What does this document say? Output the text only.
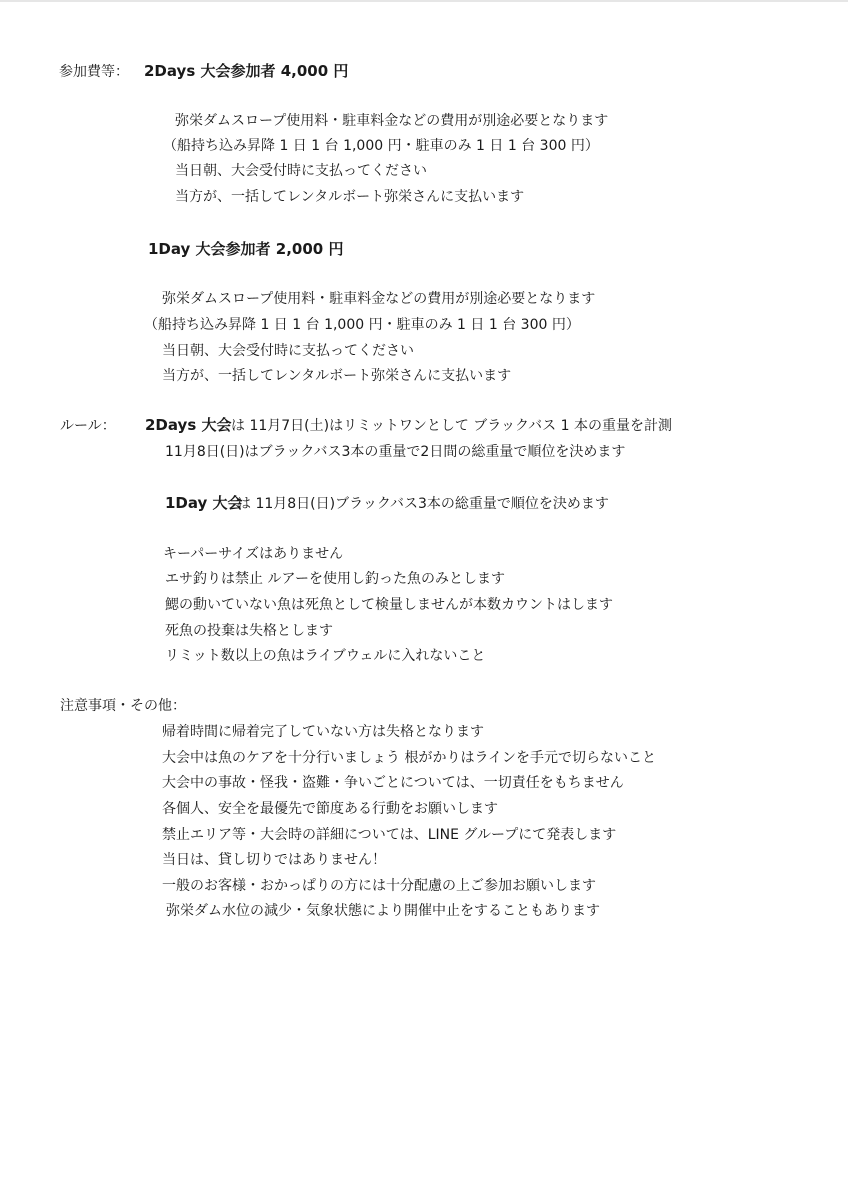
参加費等： 2Days 大会参加者 4,000 円
弥栄ダムスロープ使用料・駐車料金などの費用が別途必要となります
（船持ち込み昇降 1 日 1 台 1,000 円・駐車のみ 1 日 1 台 300 円）
当日朝、大会受付時に支払ってください
当方が、一括してレンタルボート弥栄さんに支払います
1Day 大会参加者 2,000 円
弥栄ダムスロープ使用料・駐車料金などの費用が別途必要となります
（船持ち込み昇降 1 日 1 台 1,000 円・駐車のみ 1 日 1 台 300 円）
当日朝、大会受付時に支払ってください
当方が、一括してレンタルボート弥栄さんに支払います
ルール： 2Days 大会 は 11月7日(土)はリミットワンとして ブラックバス 1 本の重量を計測
11月8日(日)はブラックバス3本の重量で2日間の総重量で順位を決めます
1Day 大会
は 11月8日(日)ブラックバス3本の総重量で順位を決めます
キーパーサイズはありません
エサ釣りは禁止 ルアーを使用し釣った魚のみとします
鰓の動いていない魚は死魚として検量しませんが本数カウントはします
死魚の投棄は失格とします
リミット数以上の魚はライブウェルに入れないこと
注意事項・その他：
帰着時間に帰着完了していない方は失格となります
大会中は魚のケアを十分行いましょう 根がかりはラインを手元で切らないこと
大会中の事故・怪我・盗難・争いごとについては、一切責任をもちません
各個人、安全を最優先で節度ある行動をお願いします
禁止エリア等・大会時の詳細については、LINE グループにて発表します
当日は、貸し切りではありません！
一般のお客様・おかっぱりの方には十分配慮の上ご参加お願いします
弥栄ダム水位の減少・気象状態により開催中止をすることもあります
